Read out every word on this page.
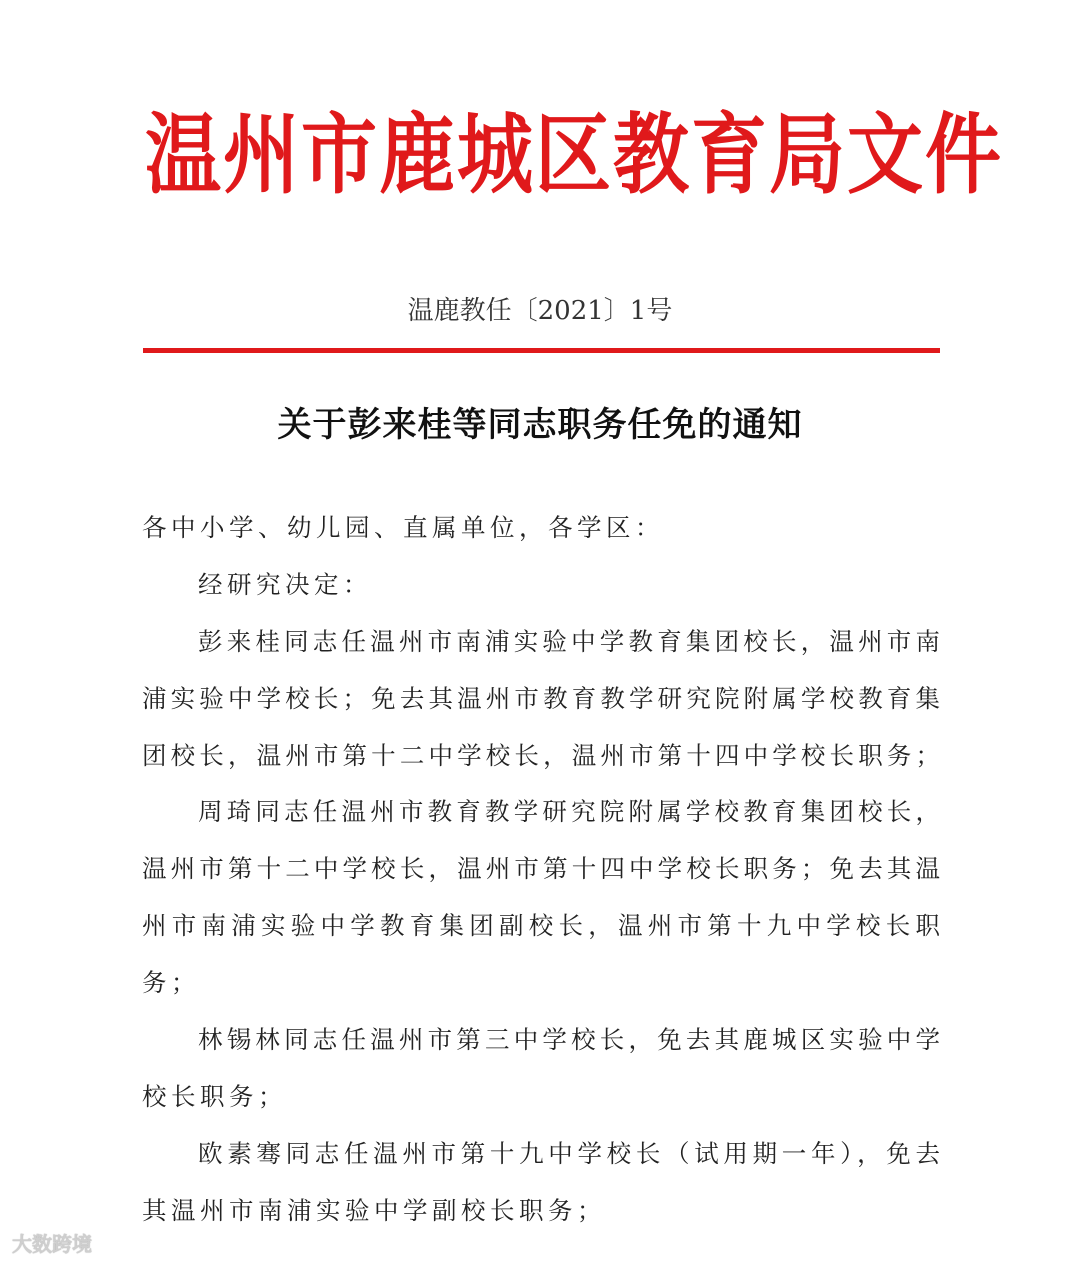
温 州 市 鹿 城 区 教 育 局 文 件
温鹿教任〔2021〕1号
关于彭来桂等同志职务任免的通知
各中小学、幼儿园、直属单位，各学区：
经研究决定：
彭来桂同志任温州市南浦实验中学教育集团校长，温州市南
浦实验中学校长；免去其温州市教育教学研究院附属学校教育集
团校长，温州市第十二中学校长，温州市第十四中学校长职务；
周琦同志任温州市教育教学研究院附属学校教育集团校长，
温州市第十二中学校长，温州市第十四中学校长职务；免去其温
州市南浦实验中学教育集团副校长，温州市第十九中学校长职
务；
林锡林同志任温州市第三中学校长，免去其鹿城区实验中学
校长职务；
欧素骞同志任温州市第十九中学校长（试用期一年），免去
其温州市南浦实验中学副校长职务；
大数跨境
